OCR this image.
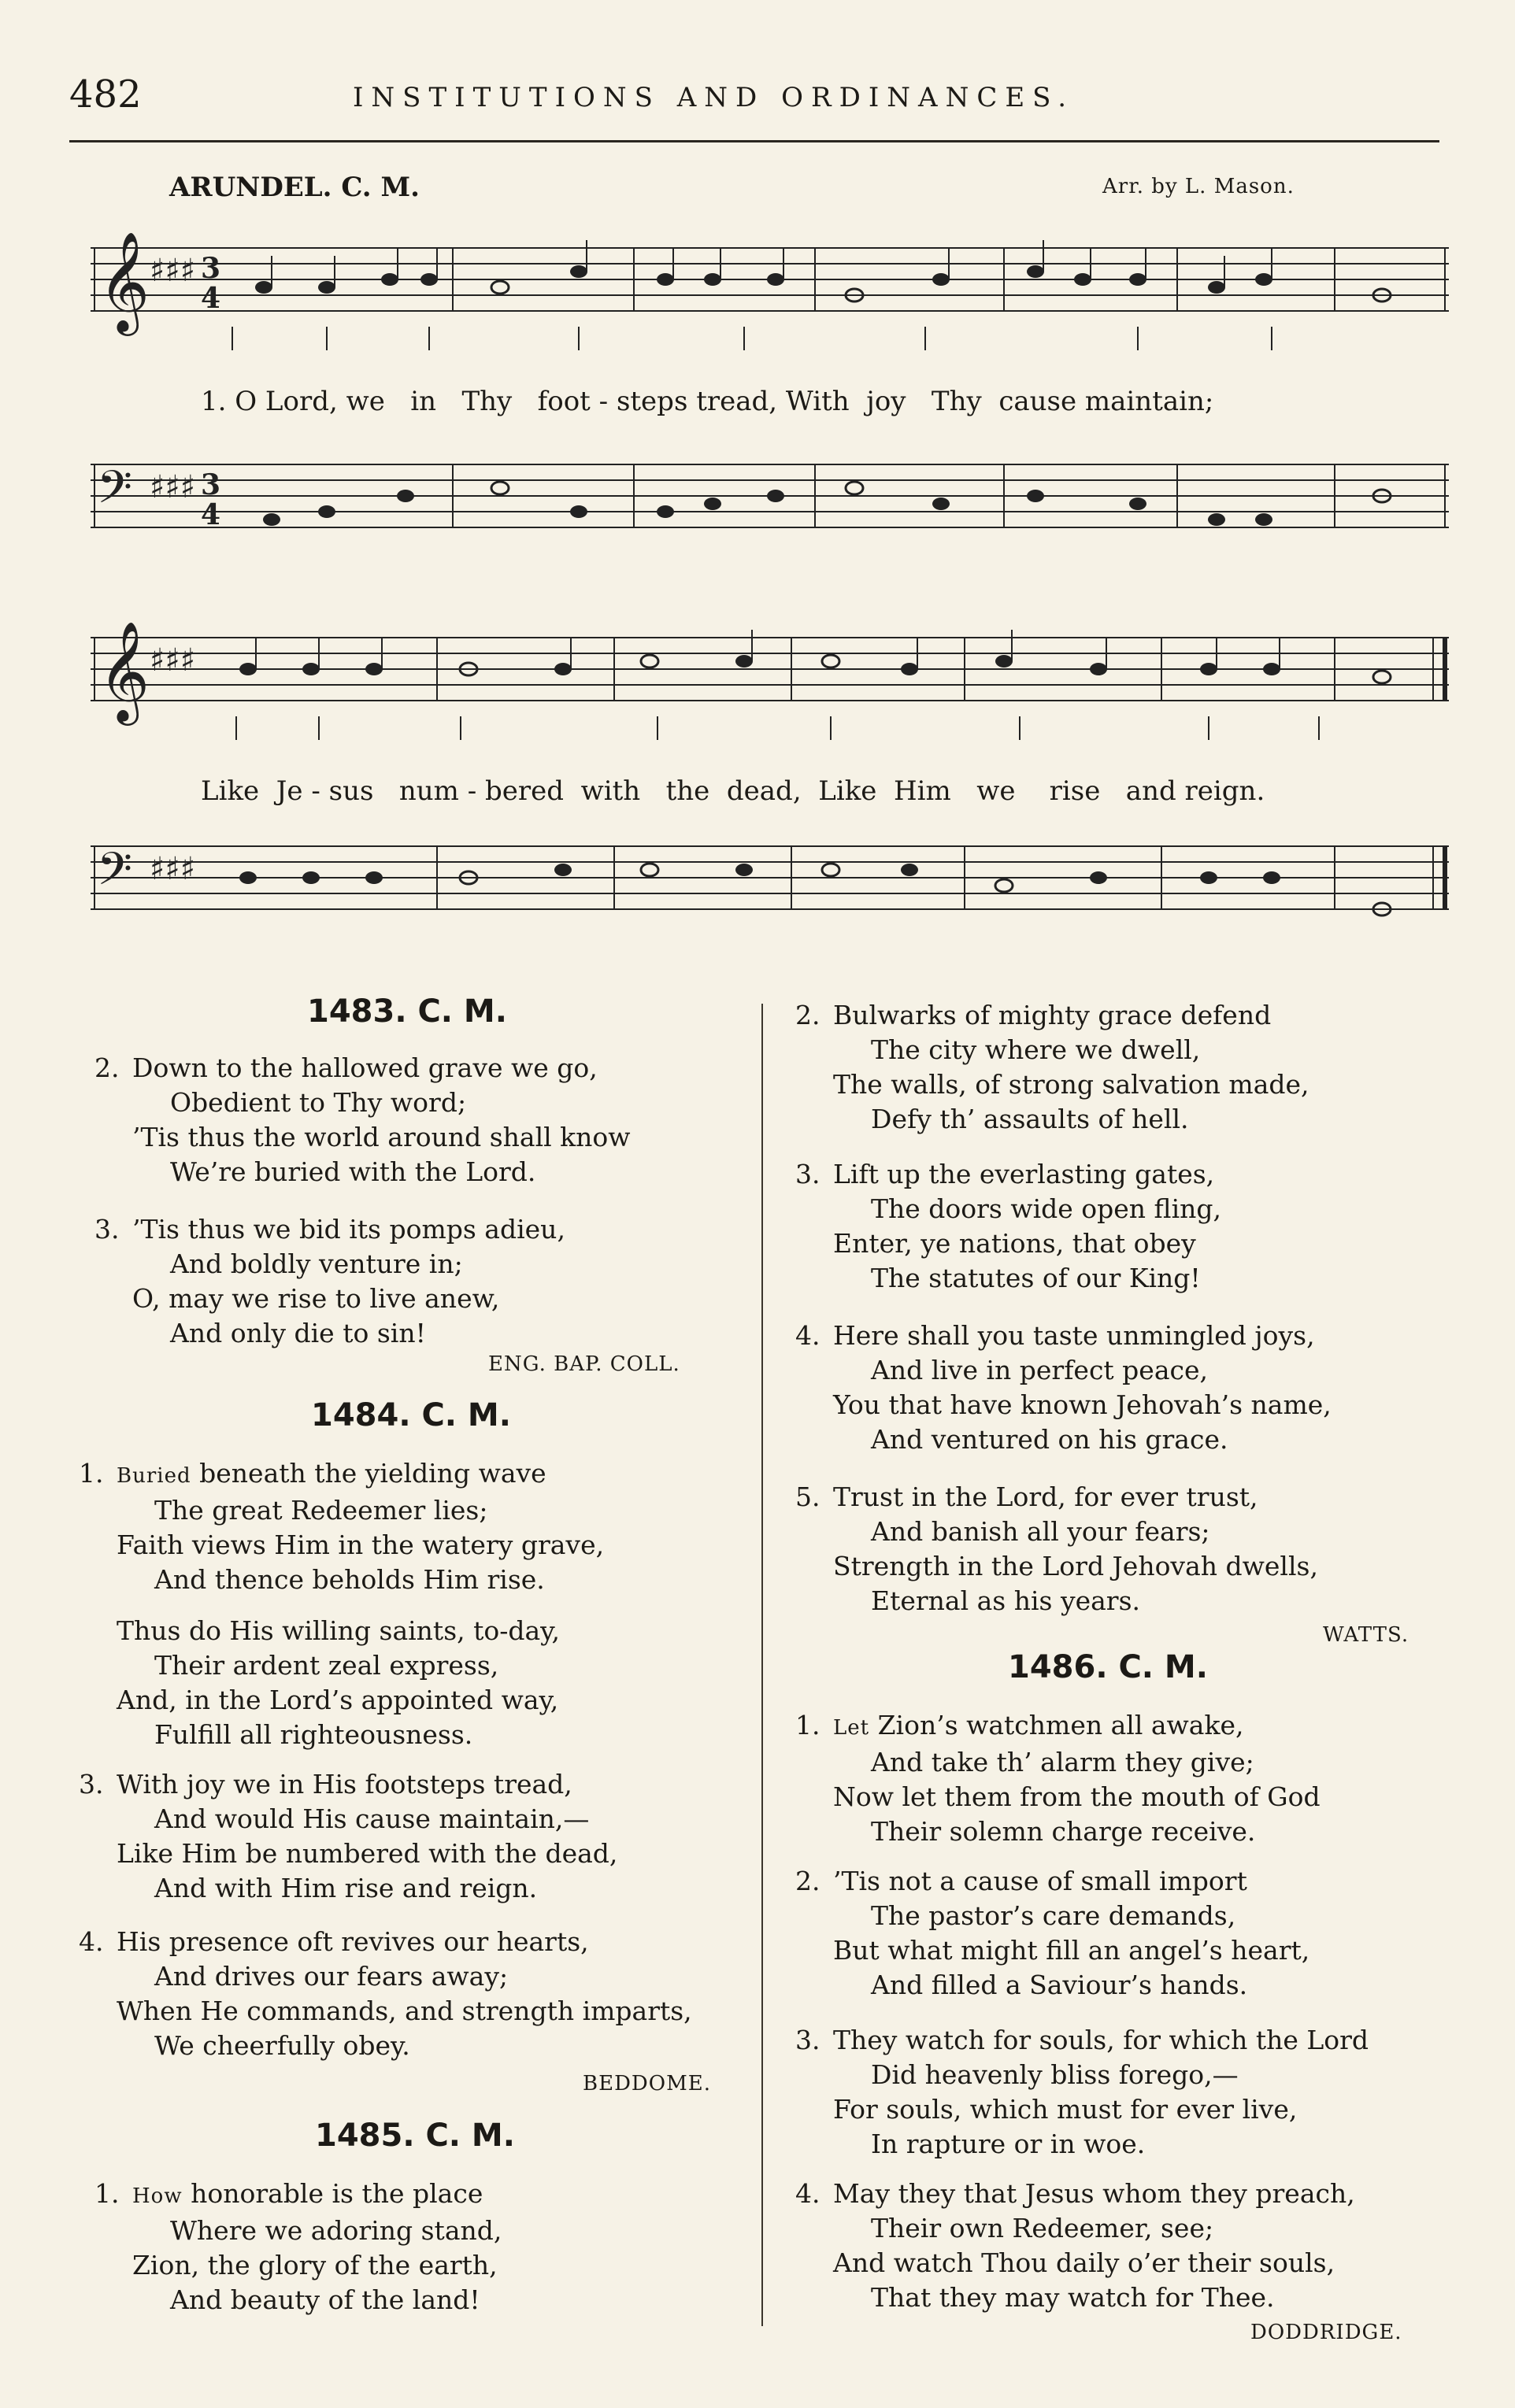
482	INSTITUTIONS AND ORDINANCES.
ARUNDEL. C. M.	Arr. by L. Mason.
𝄞 ♯♯♯ 3
4
1. O Lord, we   in   Thy   foot - steps tread, With  joy   Thy  cause maintain;
𝄢 ♯♯♯ 3
4
𝄞 ♯♯♯
Like  Je - sus   num - bered  with   the  dead,  Like  Him   we    rise   and reign.
𝄢 ♯♯♯
1483. C. M.
2. Down to the hallowed grave we go,
Obedient to Thy word;
’Tis thus the world around shall know
We’re buried with the Lord.
3. ’Tis thus we bid its pomps adieu,
And boldly venture in;
O, may we rise to live anew,
And only die to sin!
ENG. BAP. COLL.
1484. C. M.
1. Buried beneath the yielding wave
The great Redeemer lies;
Faith views Him in the watery grave,
And thence beholds Him rise.
Thus do His willing saints, to-day,
Their ardent zeal express,
And, in the Lord’s appointed way,
Fulfill all righteousness.
3. With joy we in His footsteps tread,
And would His cause maintain,—
Like Him be numbered with the dead,
And with Him rise and reign.
4. His presence oft revives our hearts,
And drives our fears away;
When He commands, and strength imparts,
We cheerfully obey.
BEDDOME.
1485. C. M.
1. How honorable is the place
Where we adoring stand,
Zion, the glory of the earth,
And beauty of the land!
2. Bulwarks of mighty grace defend
The city where we dwell,
The walls, of strong salvation made,
Defy th’ assaults of hell.
3. Lift up the everlasting gates,
The doors wide open fling,
Enter, ye nations, that obey
The statutes of our King!
4. Here shall you taste unmingled joys,
And live in perfect peace,
You that have known Jehovah’s name,
And ventured on his grace.
5. Trust in the Lord, for ever trust,
And banish all your fears;
Strength in the Lord Jehovah dwells,
Eternal as his years.
WATTS.
1486. C. M.
1. Let Zion’s watchmen all awake,
And take th’ alarm they give;
Now let them from the mouth of God
Their solemn charge receive.
2. ’Tis not a cause of small import
The pastor’s care demands,
But what might fill an angel’s heart,
And filled a Saviour’s hands.
3. They watch for souls, for which the Lord
Did heavenly bliss forego,—
For souls, which must for ever live,
In rapture or in woe.
4. May they that Jesus whom they preach,
Their own Redeemer, see;
And watch Thou daily o’er their souls,
That they may watch for Thee.
DODDRIDGE.
